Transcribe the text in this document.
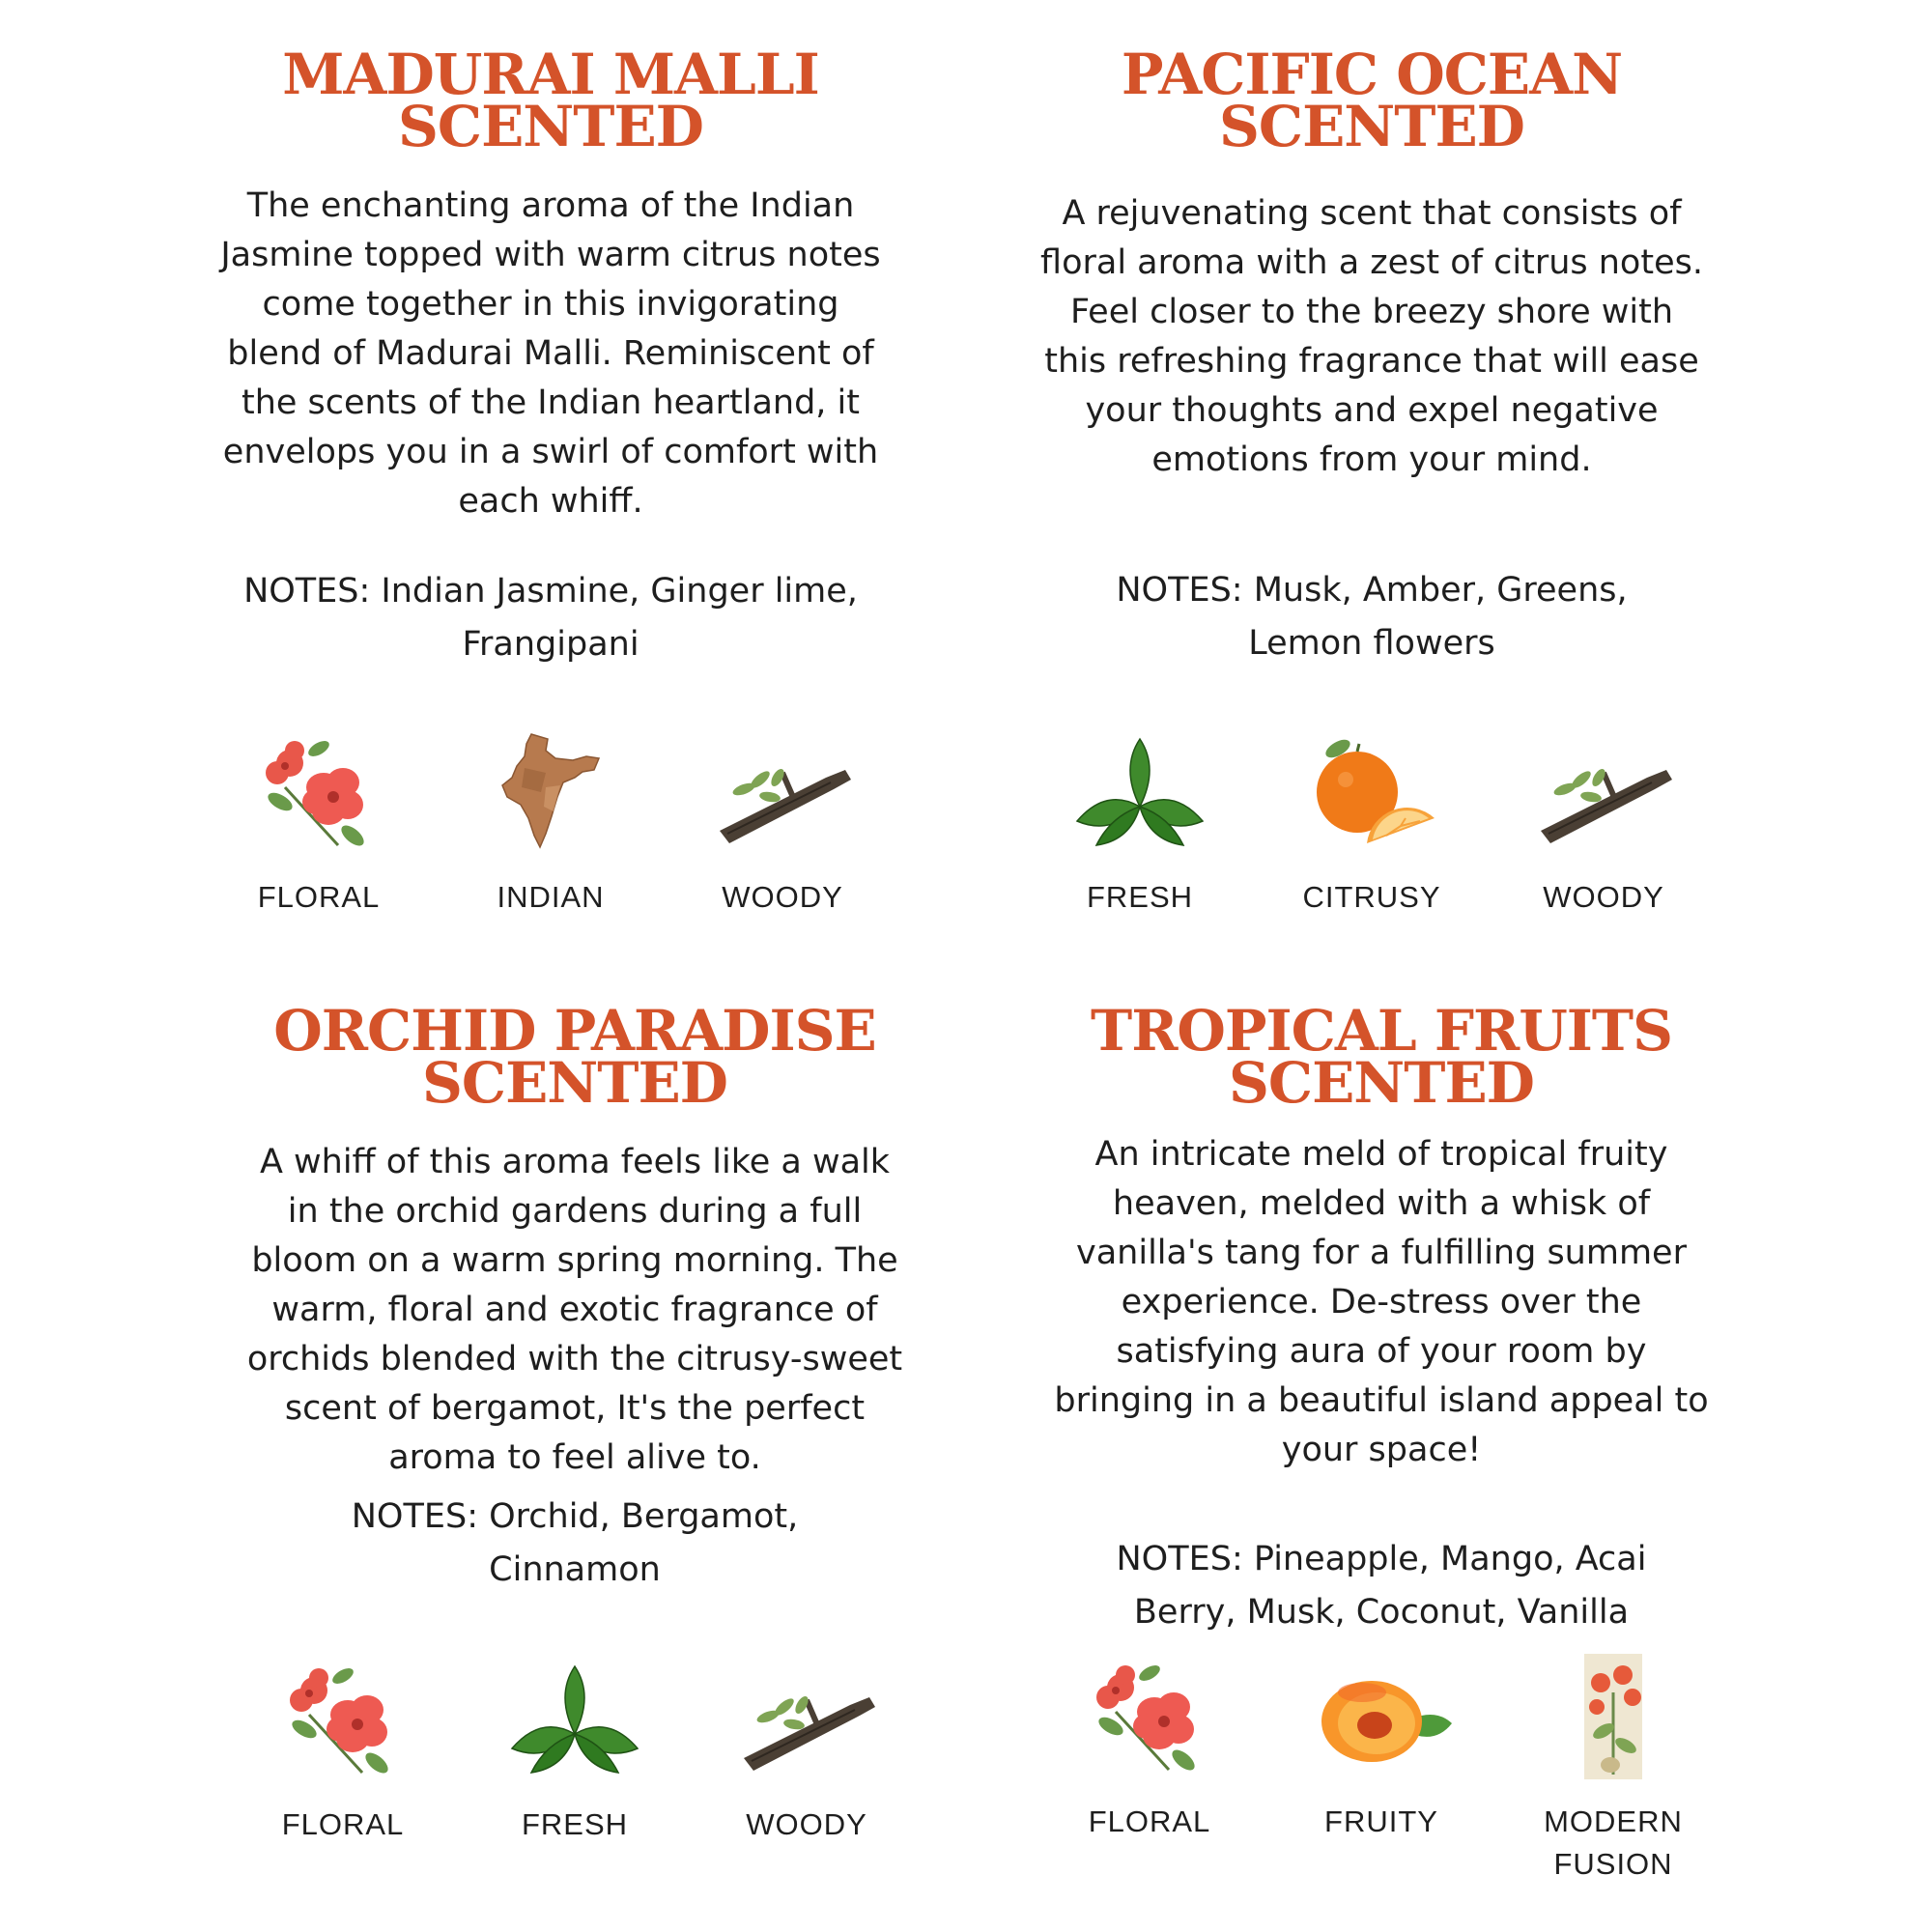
MADURAI MALLI
SCENTED

The enchanting aroma of the Indian Jasmine topped with warm citrus notes come together in this invigorating blend of Madurai Malli. Reminiscent of the scents of the Indian heartland, it envelops you in a swirl of comfort with each whiff.

NOTES: Indian Jasmine, Ginger lime, Frangipani

FLORAL	INDIAN	WOODY
PACIFIC OCEAN
SCENTED

A rejuvenating scent that consists of floral aroma with a zest of citrus notes. Feel closer to the breezy shore with this refreshing fragrance that will ease your thoughts and expel negative emotions from your mind.

NOTES: Musk, Amber, Greens, Lemon flowers

FRESH	CITRUSY	WOODY
ORCHID PARADISE
SCENTED

A whiff of this aroma feels like a walk in the orchid gardens during a full bloom on a warm spring morning. The warm, floral and exotic fragrance of orchids blended with the citrusy-sweet scent of bergamot, It's the perfect aroma to feel alive to.

NOTES: Orchid, Bergamot, Cinnamon

FLORAL	FRESH	WOODY
TROPICAL FRUITS
SCENTED

An intricate meld of tropical fruity heaven, melded with a whisk of vanilla's tang for a fulfilling summer experience. De-stress over the satisfying aura of your room by bringing in a beautiful island appeal to your space!

NOTES: Pineapple, Mango, Acai Berry, Musk, Coconut, Vanilla

FLORAL	FRUITY	MODERN FUSION
